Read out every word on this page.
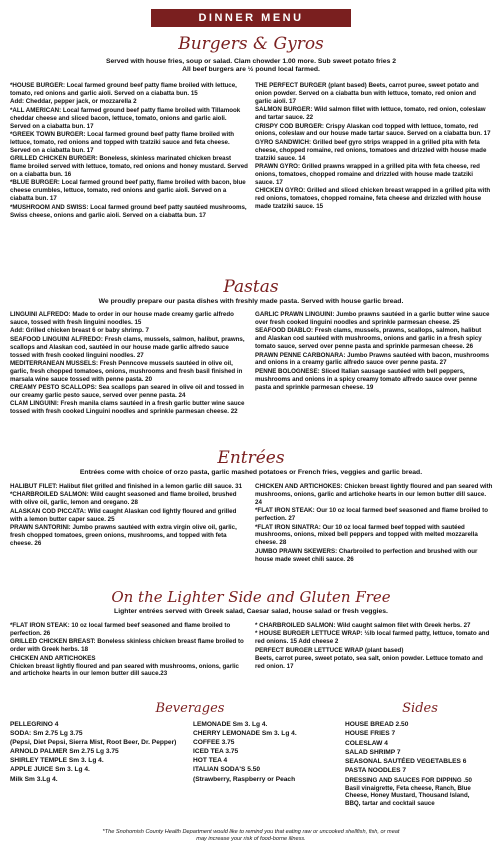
DINNER MENU
Burgers & Gyros
Served with house fries, soup or salad. Clam chowder 1.00 more. Sub sweet potato fries 2
All beef burgers are ½ pound local farmed.
*HOUSE BURGER: Local farmed ground beef patty flame broiled with lettuce, tomato, red onions and garlic aioli. Served on a ciabatta bun. 15
Add: Cheddar, pepper jack, or mozzarella 2
*ALL AMERICAN: Local farmed ground beef patty flame broiled with Tillamook cheddar cheese and sliced bacon, lettuce, tomato, onions and garlic aioli. Served on a ciabatta bun. 17
*GREEK TOWN BURGER: Local farmed ground beef patty flame broiled with lettuce, tomato, red onions and topped with tzatziki sauce and feta cheese. Served on a ciabatta bun. 17
GRILLED CHICKEN BURGER: Boneless, skinless marinated chicken breast flame broiled served with lettuce, tomato, red onions and honey mustard. Served on a ciabatta bun. 16
*BLUE BURGER: Local farmed ground beef patty, flame broiled with bacon, blue cheese crumbles, lettuce, tomato, red onions and garlic aioli. Served on a ciabatta bun. 17
*MUSHROOM AND SWISS: Local farmed ground beef patty sautéed mushrooms, Swiss cheese, onions and garlic aioli. Served on a ciabatta bun. 17
THE PERFECT BURGER (plant based) Beets, carrot puree, sweet potato and onion powder. Served on a ciabatta bun with lettuce, tomato, red onion and garlic aioli. 17
SALMON BURGER: Wild salmon fillet with lettuce, tomato, red onion, coleslaw and tartar sauce. 22
CRISPY COD BURGER: Crispy Alaskan cod topped with lettuce, tomato, red onions, coleslaw and our house made tartar sauce. Served on a ciabatta bun. 17
GYRO SANDWICH: Grilled beef gyro strips wrapped in a grilled pita with feta cheese, chopped romaine, red onions, tomatoes and drizzled with house made tzatziki sauce. 14
PRAWN GYRO: Grilled prawns wrapped in a grilled pita with feta cheese, red onions, tomatoes, chopped romaine and drizzled with house made tzatziki sauce. 17
CHICKEN GYRO: Grilled and sliced chicken breast wrapped in a grilled pita with red onions, tomatoes, chopped romaine, feta cheese and drizzled with house made tzatziki sauce. 15
Pastas
We proudly prepare our pasta dishes with freshly made pasta. Served with house garlic bread.
LINGUINI ALFREDO: Made to order in our house made creamy garlic alfredo sauce, tossed with fresh linguini noodles. 15
Add: Grilled chicken breast 6 or baby shrimp. 7
SEAFOOD LINGUINI ALFREDO: Fresh clams, mussels, salmon, halibut, prawns, scallops and Alaskan cod, sautéed in our house made garlic alfredo sauce tossed with fresh cooked linguini noodles. 27
MEDITERRANEAN MUSSELS: Fresh Penncove mussels sautéed in olive oil, garlic, fresh chopped tomatoes, onions, mushrooms and fresh basil finished in marsala wine sauce tossed with penne pasta. 20
CREAMY PESTO SCALLOPS: Sea scallops pan seared in olive oil and tossed in our creamy garlic pesto sauce, served over penne pasta. 24
CLAM LINGUINI: Fresh manila clams sautéed in a fresh garlic butter wine sauce tossed with fresh cooked Linguini noodles and sprinkle parmesan cheese. 22
GARLIC PRAWN LINGUINI: Jumbo prawns sautéed in a garlic butter wine sauce over fresh cooked linguini noodles and sprinkle parmesan cheese. 25
SEAFOOD DIABLO: Fresh clams, mussels, prawns, scallops, salmon, halibut and Alaskan cod sautéed with mushrooms, onions and garlic in a fresh spicy tomato sauce, served over penne pasta and sprinkle parmesan cheese. 26
PRAWN PENNE CARBONARA: Jumbo Prawns sautéed with bacon, mushrooms and onions in a creamy garlic alfredo sauce over penne pasta. 27
PENNE BOLOGNESE: Sliced Italian sausage sautéed with bell peppers, mushrooms and onions in a spicy creamy tomato alfredo sauce over penne pasta and sprinkle parmesan cheese. 19
Entrées
Entrées come with choice of orzo pasta, garlic mashed potatoes or French fries, veggies and garlic bread.
HALIBUT FILET: Halibut filet grilled and finished in a lemon garlic dill sauce. 31
*CHARBROILED SALMON: Wild caught seasoned and flame broiled, brushed with olive oil, garlic, lemon and oregano. 28
ALASKAN COD PICCATA: Wild caught Alaskan cod lightly floured and grilled with a lemon butter caper sauce. 25
PRAWN SANTORINI: Jumbo prawns sautéed with extra virgin olive oil, garlic, fresh chopped tomatoes, green onions, mushrooms, and topped with feta cheese. 26
CHICKEN AND ARTICHOKES: Chicken breast lightly floured and pan seared with mushrooms, onions, garlic and artichoke hearts in our lemon butter dill sauce. 24
*FLAT IRON STEAK: Our 10 oz local farmed beef seasoned and flame broiled to perfection. 27
*FLAT IRON SINATRA: Our 10 oz local farmed beef topped with sautéed mushrooms, onions, mixed bell peppers and topped with melted mozzarella cheese. 28
JUMBO PRAWN SKEWERS: Charbroiled to perfection and brushed with our house made sweet chili sauce. 26
On the Lighter Side and Gluten Free
Lighter entrées served with Greek salad, Caesar salad, house salad or fresh veggies.
*FLAT IRON STEAK: 10 oz local farmed beef seasoned and flame broiled to perfection. 26
GRILLED CHICKEN BREAST: Boneless skinless chicken breast flame broiled to order with Greek herbs. 18
CHICKEN AND ARTICHOKES
Chicken breast lightly floured and pan seared with mushrooms, onions, garlic and artichoke hearts in our lemon butter dill sauce.23
* CHARBROILED SALMON: Wild caught salmon filet with Greek herbs. 27
* HOUSE BURGER LETTUCE WRAP: ½lb local farmed patty, lettuce, tomato and red onions. 15 Add cheese 2
PERFECT BURGER LETTUCE WRAP (plant based)
Beets, carrot puree, sweet potato, sea salt, onion powder. Lettuce tomato and red onion. 17
Beverages
PELLEGRINO 4
SODA: Sm 2.75 Lg 3.75
(Pepsi, Diet Pepsi, Sierra Mist, Root Beer, Dr. Pepper)
ARNOLD PALMER Sm 2.75 Lg 3.75
SHIRLEY TEMPLE Sm 3. Lg 4.
APPLE JUICE Sm 3. Lg 4.
Milk Sm 3.Lg 4.
LEMONADE Sm 3. Lg 4.
CHERRY LEMONADE Sm 3. Lg 4.
COFFEE 3.75
ICED TEA 3.75
HOT TEA 4
ITALIAN SODA'S 5.50
(Strawberry, Raspberry or Peach
Sides
HOUSE BREAD 2.50
HOUSE FRIES 7
COLESLAW 4
SALAD SHRIMP 7
SEASONAL SAUTÉED VEGETABLES 6
PASTA NOODLES 7
DRESSING AND SAUCES FOR DIPPING .50
Basil vinaigrette, Feta cheese, Ranch, Blue
Cheese, Honey Mustard, Thousand Island,
BBQ, tartar and cocktail sauce
*The Snohomish County Health Department would like to remind you that eating raw or uncooked shellfish, fish, or meat
may increase your risk of food-borne illness.
